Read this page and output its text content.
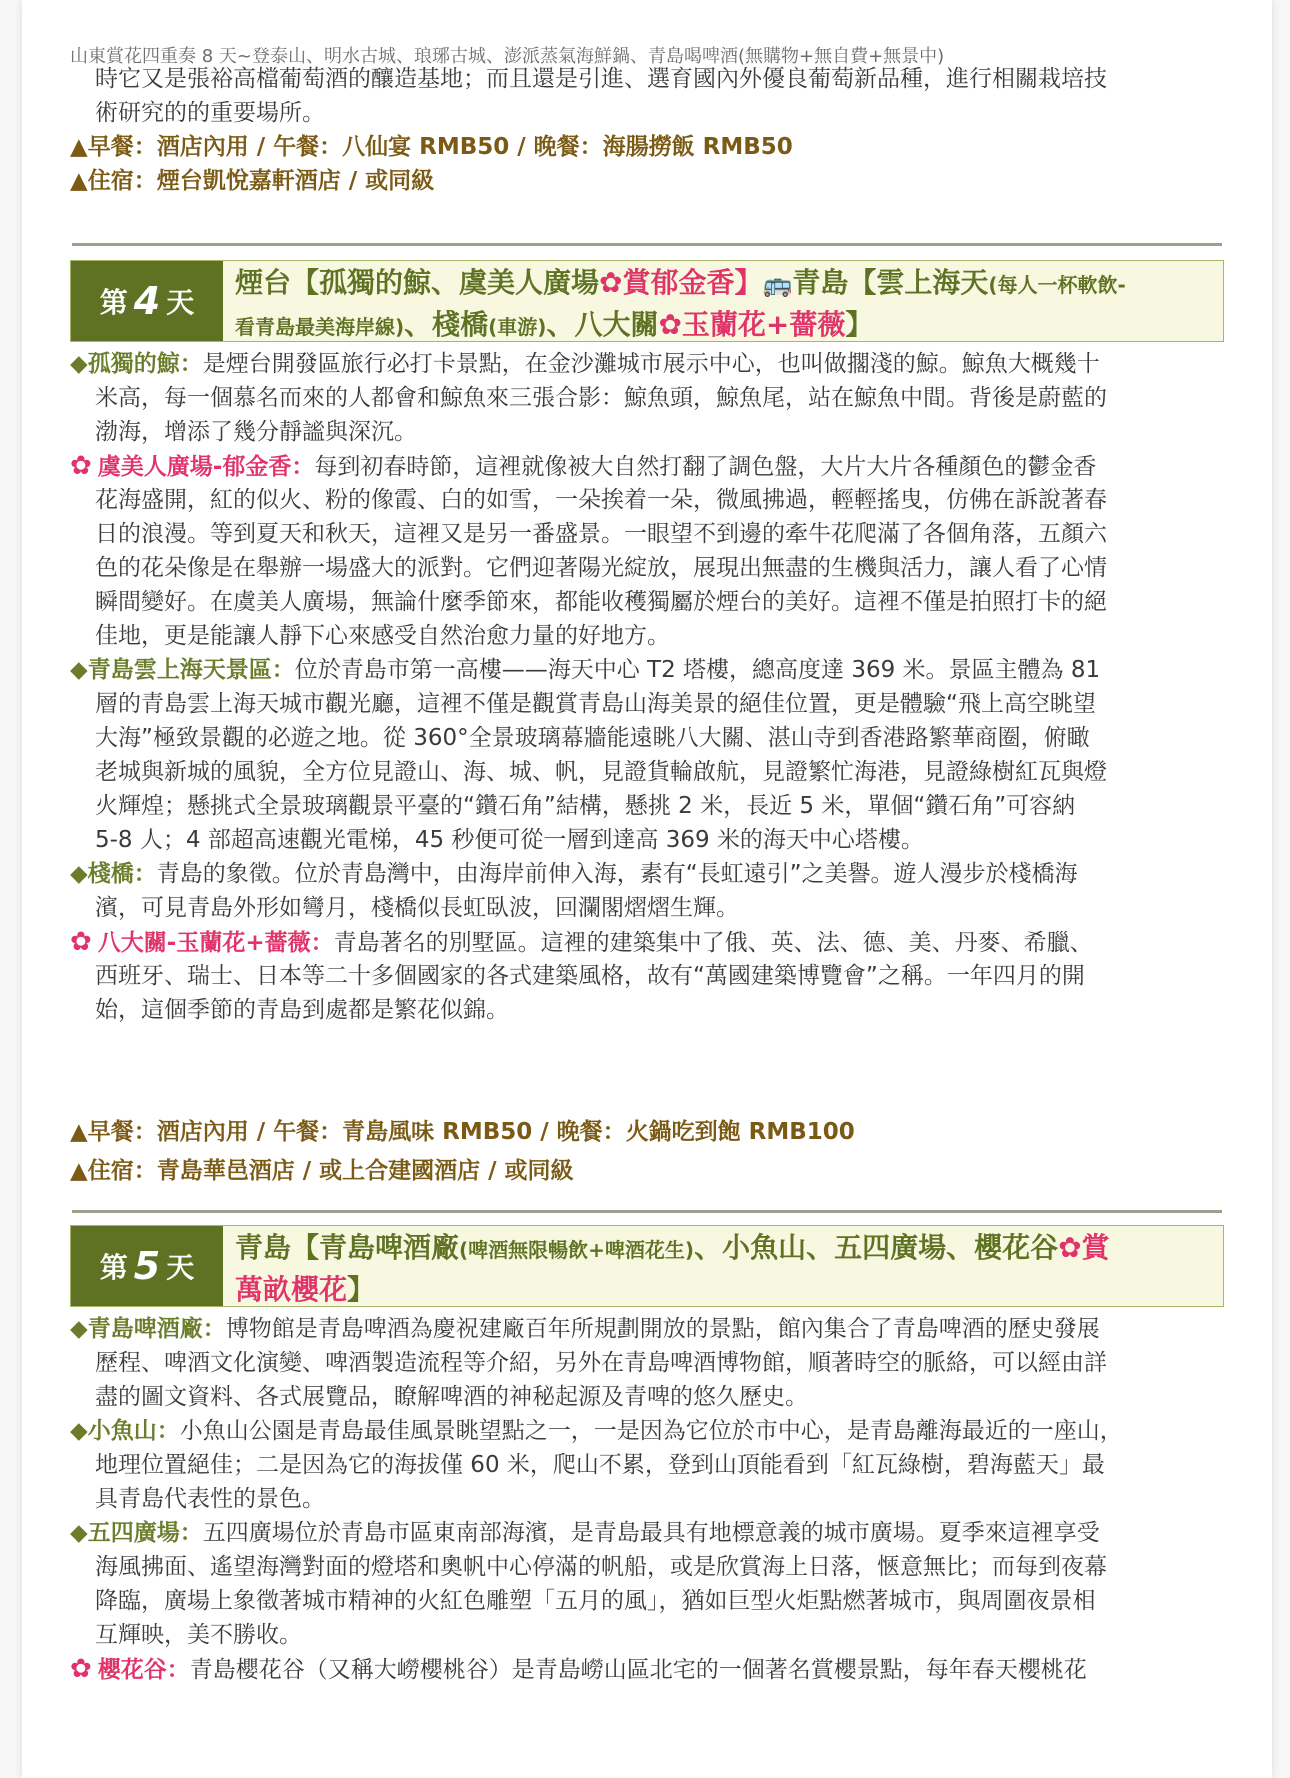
山東賞花四重奏 8 天~登泰山、明水古城、琅琊古城、澎派蒸氣海鮮鍋、青島喝啤酒(無購物+無自費+無景中)
時它又是張裕高檔葡萄酒的釀造基地；而且還是引進、選育國內外優良葡萄新品種，進行相關栽培技
術研究的的重要場所。
▲早餐：酒店內用 / 午餐：八仙宴 RMB50 / 晚餐：海腸撈飯 RMB50
▲住宿：煙台凱悅嘉軒酒店 / 或同級
第 4 天
煙台【孤獨的鯨、虞美人廣場✿賞郁金香】🚌青島【雲上海天(每人一杯軟飲-
看青島最美海岸線)、棧橋(車游)、八大關✿玉蘭花+薔薇】
◆孤獨的鯨：是煙台開發區旅行必打卡景點，在金沙灘城市展示中心，也叫做擱淺的鯨。鯨魚大概幾十
米高，每一個慕名而來的人都會和鯨魚來三張合影：鯨魚頭，鯨魚尾，站在鯨魚中間。背後是蔚藍的
渤海，增添了幾分靜謐與深沉。
✿ 虞美人廣場-郁金香：每到初春時節，這裡就像被大自然打翻了調色盤，大片大片各種顏色的鬱金香
花海盛開，紅的似火、粉的像霞、白的如雪，一朵挨着一朵，微風拂過，輕輕搖曳，仿佛在訴說著春
日的浪漫。等到夏天和秋天，這裡又是另一番盛景。一眼望不到邊的牽牛花爬滿了各個角落，五顏六
色的花朵像是在舉辦一場盛大的派對。它們迎著陽光綻放，展現出無盡的生機與活力，讓人看了心情
瞬間變好。在虞美人廣場，無論什麼季節來，都能收穫獨屬於煙台的美好。這裡不僅是拍照打卡的絕
佳地，更是能讓人靜下心來感受自然治愈力量的好地方。
◆青島雲上海天景區：位於青島市第一高樓——海天中心 T2 塔樓，總高度達 369 米。景區主體為 81
層的青島雲上海天城市觀光廳，這裡不僅是觀賞青島山海美景的絕佳位置，更是體驗“飛上高空眺望
大海”極致景觀的必遊之地。從 360°全景玻璃幕牆能遠眺八大關、湛山寺到香港路繁華商圈，俯瞰
老城與新城的風貌，全方位見證山、海、城、帆，見證貨輪啟航，見證繁忙海港，見證綠樹紅瓦與燈
火輝煌；懸挑式全景玻璃觀景平臺的“鑽石角”結構，懸挑 2 米，長近 5 米，單個“鑽石角”可容納
5-8 人；4 部超高速觀光電梯，45 秒便可從一層到達高 369 米的海天中心塔樓。
◆棧橋：青島的象徵。位於青島灣中，由海岸前伸入海，素有“長虹遠引”之美譽。遊人漫步於棧橋海
濱，可見青島外形如彎月，棧橋似長虹臥波，回瀾閣熠熠生輝。
✿ 八大關-玉蘭花+薔薇：青島著名的別墅區。這裡的建築集中了俄、英、法、德、美、丹麥、希臘、
西班牙、瑞士、日本等二十多個國家的各式建築風格，故有“萬國建築博覽會”之稱。一年四月的開
始，這個季節的青島到處都是繁花似錦。
▲早餐：酒店內用 / 午餐：青島風味 RMB50 / 晚餐：火鍋吃到飽 RMB100
▲住宿：青島華邑酒店 / 或上合建國酒店 / 或同級
第 5 天
青島【青島啤酒廠(啤酒無限暢飲+啤酒花生)、小魚山、五四廣場、櫻花谷✿賞
萬畝櫻花】
◆青島啤酒廠：博物館是青島啤酒為慶祝建廠百年所規劃開放的景點，館內集合了青島啤酒的歷史發展
歷程、啤酒文化演變、啤酒製造流程等介紹，另外在青島啤酒博物館，順著時空的脈絡，可以經由詳
盡的圖文資料、各式展覽品，瞭解啤酒的神秘起源及青啤的悠久歷史。
◆小魚山：小魚山公園是青島最佳風景眺望點之一，一是因為它位於市中心，是青島離海最近的一座山，
地理位置絕佳；二是因為它的海拔僅 60 米，爬山不累，登到山頂能看到「紅瓦綠樹，碧海藍天」最
具青島代表性的景色。
◆五四廣場：五四廣場位於青島市區東南部海濱，是青島最具有地標意義的城市廣場。夏季來這裡享受
海風拂面、遙望海灣對面的燈塔和奧帆中心停滿的帆船，或是欣賞海上日落，愜意無比；而每到夜幕
降臨，廣場上象徵著城市精神的火紅色雕塑「五月的風」，猶如巨型火炬點燃著城市，與周圍夜景相
互輝映，美不勝收。
✿ 櫻花谷：青島櫻花谷（又稱大嶗櫻桃谷）是青島嶗山區北宅的一個著名賞櫻景點，每年春天櫻桃花
